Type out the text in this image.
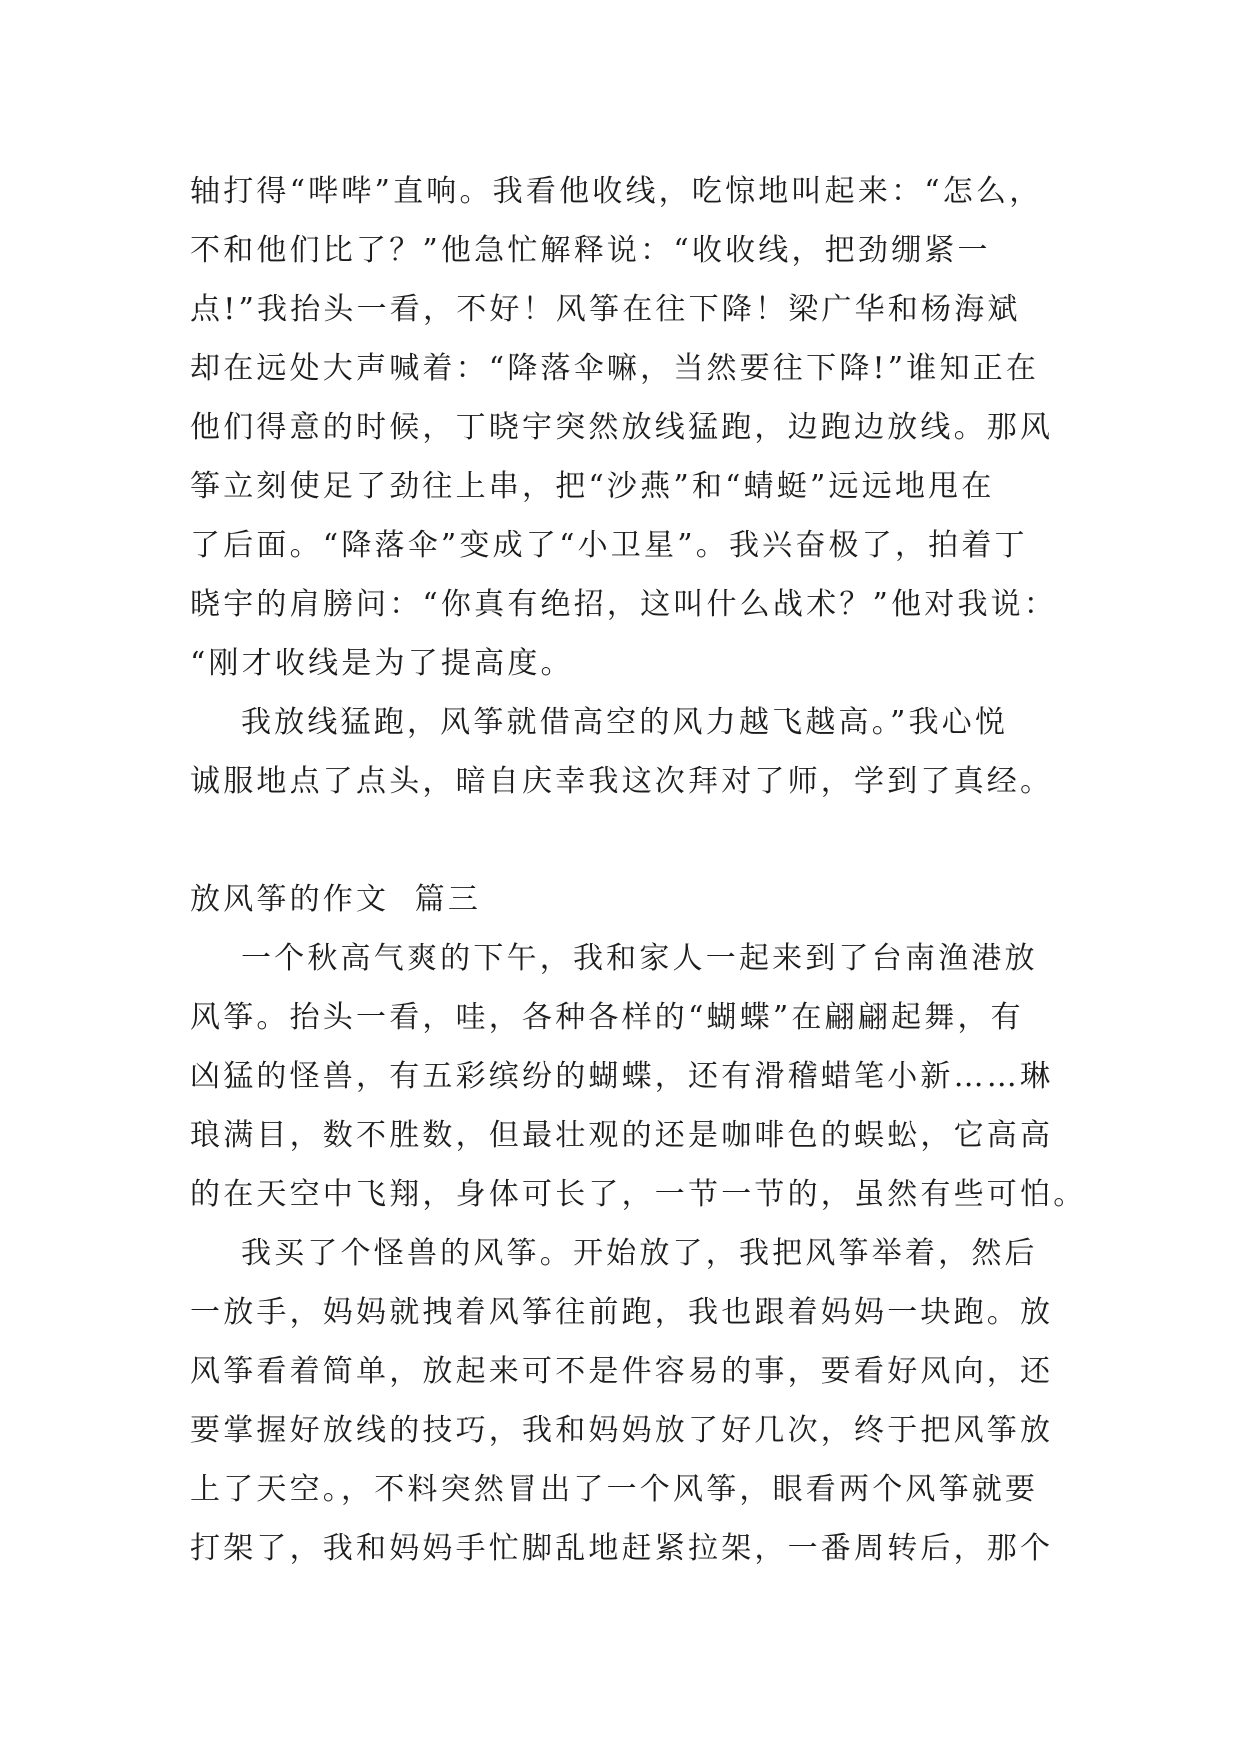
轴打得“哔哔”直响。我看他收线，吃惊地叫起来：“怎么，

不和他们比了？”他急忙解释说：“收收线，把劲绷紧一

点!”我抬头一看，不好！风筝在往下降！梁广华和杨海斌

却在远处大声喊着：“降落伞嘛，当然要往下降!”谁知正在

他们得意的时候，丁晓宇突然放线猛跑，边跑边放线。那风

筝立刻使足了劲往上串，把“沙燕”和“蜻蜓”远远地甩在

了后面。“降落伞”变成了“小卫星”。我兴奋极了，拍着丁

晓宇的肩膀问：“你真有绝招，这叫什么战术？”他对我说：

“刚才收线是为了提高度。

我放线猛跑，风筝就借高空的风力越飞越高。”我心悦

诚服地点了点头，暗自庆幸我这次拜对了师，学到了真经。

放风筝的作文  篇三

一个秋高气爽的下午，我和家人一起来到了台南渔港放

风筝。抬头一看，哇，各种各样的“蝴蝶”在翩翩起舞，有

凶猛的怪兽，有五彩缤纷的蝴蝶，还有滑稽蜡笔小新……琳

琅满目，数不胜数，但最壮观的还是咖啡色的蜈蚣，它高高

的在天空中飞翔，身体可长了，一节一节的，虽然有些可怕。

我买了个怪兽的风筝。开始放了，我把风筝举着，然后

一放手，妈妈就拽着风筝往前跑，我也跟着妈妈一块跑。放

风筝看着简单，放起来可不是件容易的事，要看好风向，还

要掌握好放线的技巧，我和妈妈放了好几次，终于把风筝放

上了天空。，不料突然冒出了一个风筝，眼看两个风筝就要

打架了，我和妈妈手忙脚乱地赶紧拉架，一番周转后，那个
